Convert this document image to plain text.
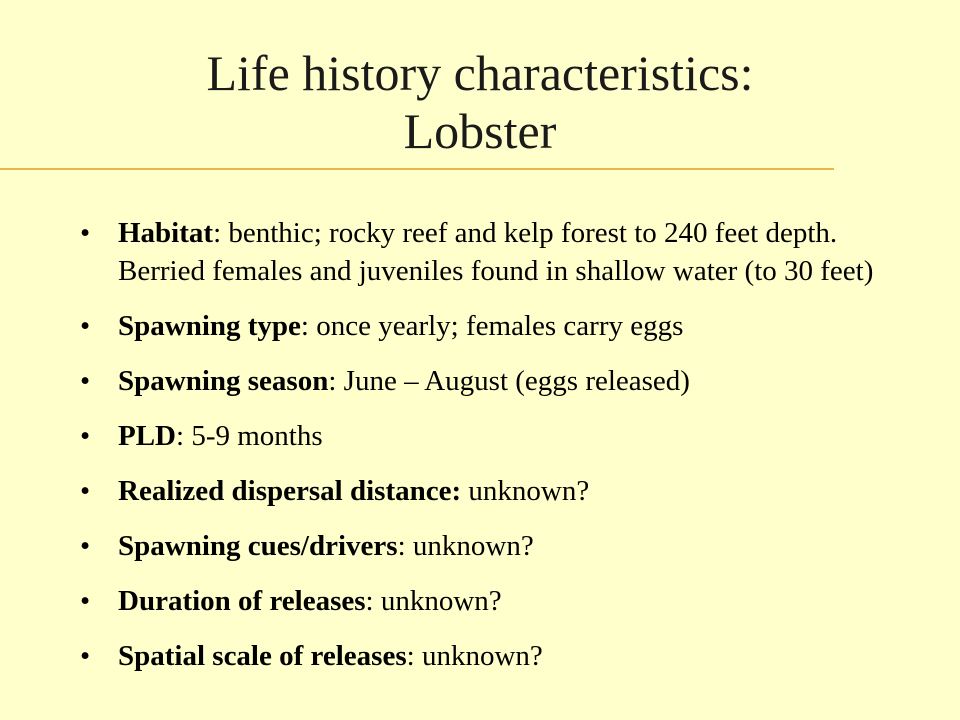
Life history characteristics:
Lobster
• Habitat: benthic; rocky reef and kelp forest to 240 feet depth. Berried females and juveniles found in shallow water (to 30 feet)
• Spawning type: once yearly; females carry eggs
• Spawning season: June – August (eggs released)
• PLD: 5-9 months
• Realized dispersal distance: unknown?
• Spawning cues/drivers: unknown?
• Duration of releases: unknown?
• Spatial scale of releases: unknown?
